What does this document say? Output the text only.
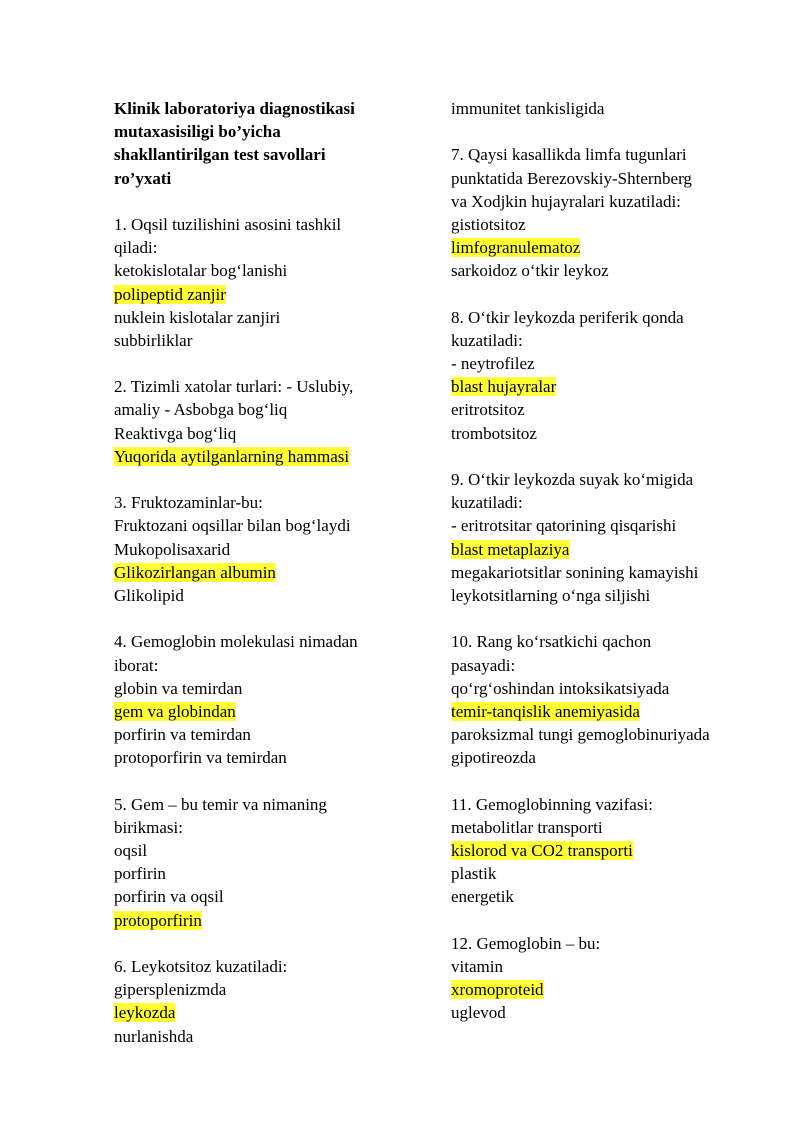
Klinik laboratoriya diagnostikasi
mutaxasisiligi bo’yicha
shakllantirilgan test savollari
ro’yxati
1. Oqsil tuzilishini asosini tashkil
qiladi:
ketokislotalar bog‘lanishi
polipeptid zanjir
nuklein kislotalar zanjiri
subbirliklar
2. Tizimli xatolar turlari: - Uslubiy,
amaliy - Asbobga bog‘liq
Reaktivga bog‘liq
Yuqorida aytilganlarning hammasi
3. Fruktozaminlar-bu:
Fruktozani oqsillar bilan bog‘laydi
Mukopolisaxarid
Glikozirlangan albumin
Glikolipid
4. Gemoglobin molekulasi nimadan
iborat:
globin va temirdan
gem va globindan
porfirin va temirdan
protoporfirin va temirdan
5. Gem – bu temir va nimaning
birikmasi:
oqsil
porfirin
porfirin va oqsil
protoporfirin
6. Leykotsitoz kuzatiladi:
gipersplenizmda
leykozda
nurlanishda
immunitet tankisligida
7. Qaysi kasallikda limfa tugunlari
punktatida Berezovskiy-Shternberg
va Xodjkin hujayralari kuzatiladi:
gistiotsitoz
limfogranulematoz
sarkoidoz o‘tkir leykoz
8. O‘tkir leykozda periferik qonda
kuzatiladi:
- neytrofilez
blast hujayralar
eritrotsitoz
trombotsitoz
9. O‘tkir leykozda suyak ko‘migida
kuzatiladi:
- eritrotsitar qatorining qisqarishi
blast metaplaziya
megakariotsitlar sonining kamayishi
leykotsitlarning o‘nga siljishi
10. Rang ko‘rsatkichi qachon
pasayadi:
qo‘rg‘oshindan intoksikatsiyada
temir-tanqislik anemiyasida
paroksizmal tungi gemoglobinuriyada
gipotireozda
11. Gemoglobinning vazifasi:
metabolitlar transporti
kislorod va CO2 transporti
plastik
energetik
12. Gemoglobin – bu:
vitamin
xromoproteid
uglevod
